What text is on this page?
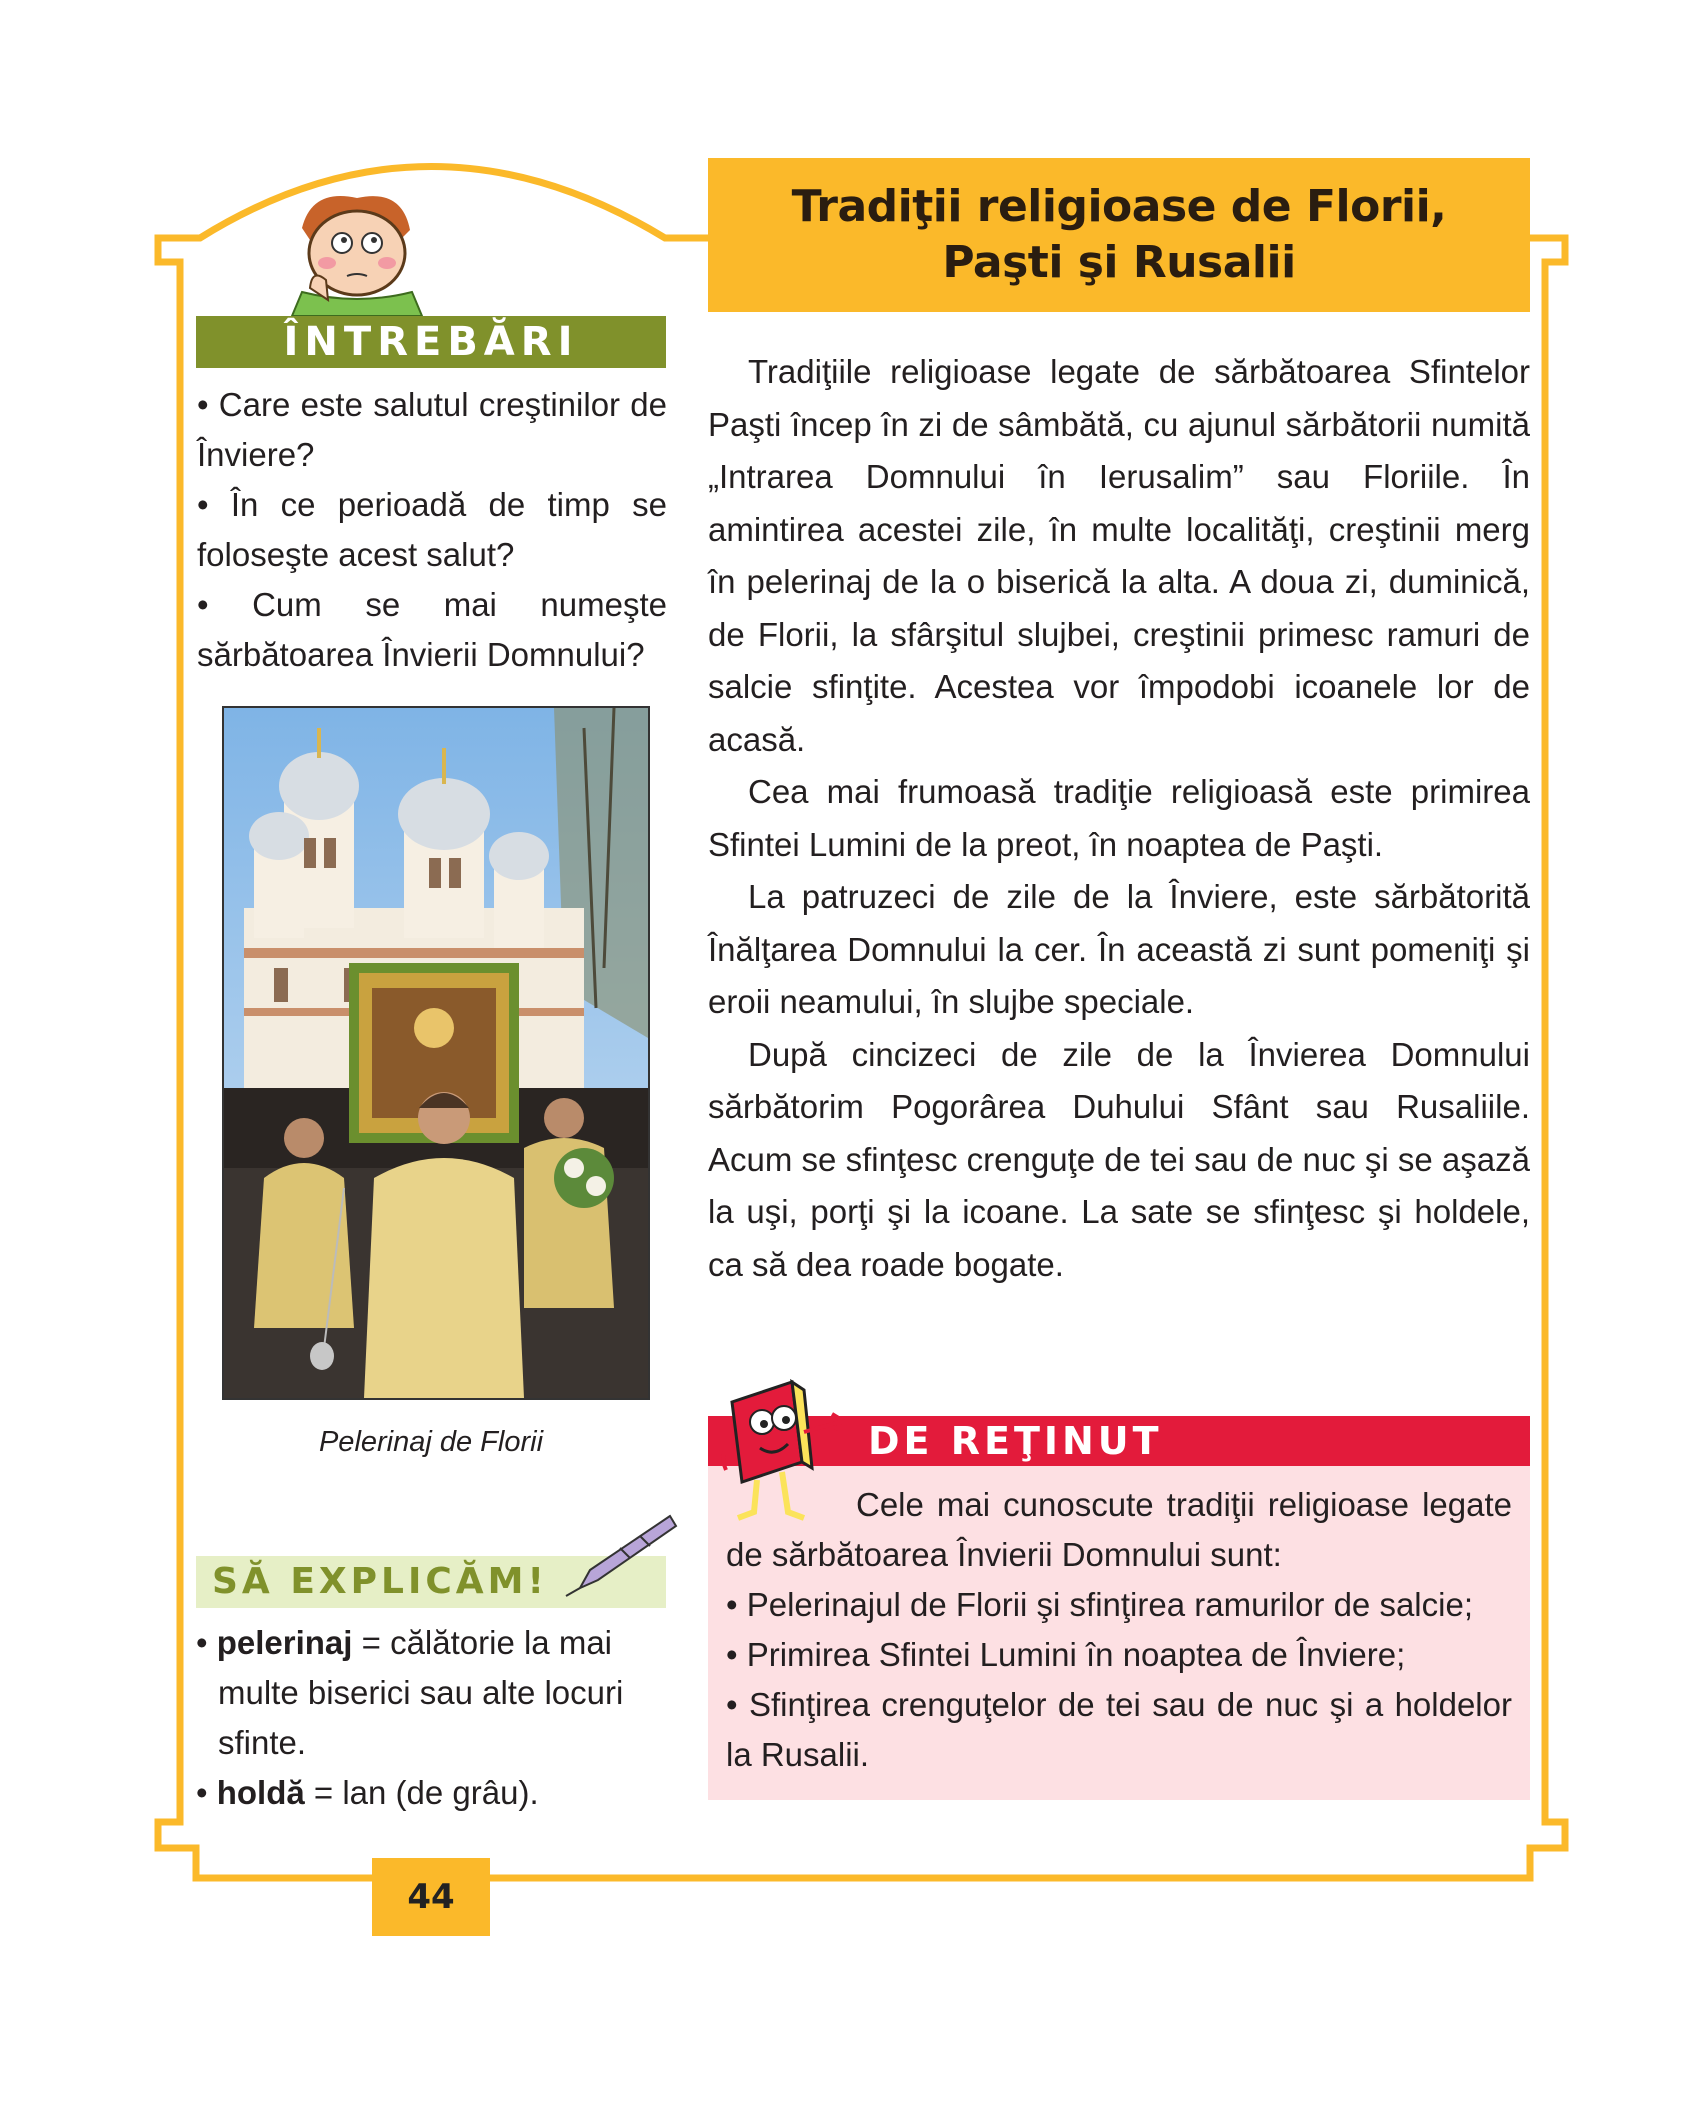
Tradiţii religioase de Florii, Paşti şi Rusalii
ÎNTREBĂRI
• Care este salutul creştinilor de Înviere?
• În ce perioadă de timp se foloseşte acest salut?
• Cum se mai numeşte sărbătoarea Învierii Domnului?

Tradiţiile religioase legate de sărbătoarea Sfintelor Paşti încep în zi de sâmbătă, cu ajunul sărbătorii numită „Intrarea Domnului în Ierusalim” sau Floriile. În amintirea acestei zile, în multe localităţi, creştinii merg în pelerinaj de la o biserică la alta. A doua zi, duminică, de Florii, la sfârşitul slujbei, creştinii primesc ramuri de salcie sfinţite. Acestea vor împodobi icoanele lor de acasă.

Cea mai frumoasă tradiţie religioasă este primirea Sfintei Lumini de la preot, în noaptea de Paşti.

La patruzeci de zile de la Înviere, este sărbătorită Înălţarea Domnului la cer. În această zi sunt pomeniţi şi eroii neamului, în slujbe speciale.

După cincizeci de zile de la Învierea Domnului sărbătorim Pogorârea Duhului Sfânt sau Rusaliile. Acum se sfinţesc crenguţe de tei sau de nuc şi se aşază la uşi, porţi şi la icoane. La sate se sfinţesc şi holdele, ca să dea roade bogate.

Pelerinaj de Florii
SĂ EXPLICĂM!
• pelerinaj = călătorie la mai multe biserici sau alte locuri sfinte.
• holdă = lan (de grâu).
DE REŢINUT

Cele mai cunoscute tradiţii religioase legate de sărbătoarea Învierii Domnului sunt:

• Pelerinajul de Florii şi sfinţirea ramurilor de salcie;
• Primirea Sfintei Lumini în noaptea de Înviere;
• Sfinţirea crenguţelor de tei sau de nuc şi a holdelor la Rusalii.
44
